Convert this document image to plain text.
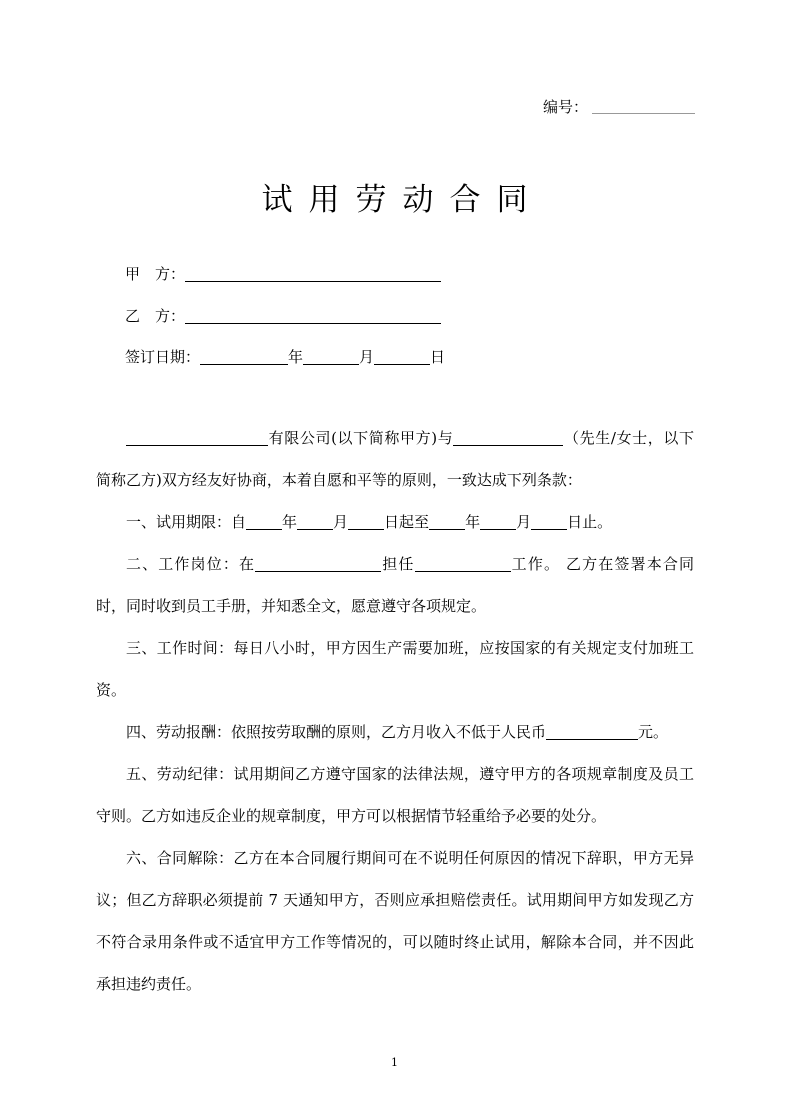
编号：
试用劳动合同
甲　方：
乙　方：
签订日期：	年	月	日
有限公司(以下简称甲方)与	（先生/女士，以下简称乙方)双方经友好协商，本着自愿和平等的原则，一致达成下列条款：
一、试用期限：自 年 月 日起至 年 月 日止。
二、工作岗位：在	担任	工作。 乙方在签署本合同时，同时收到员工手册，并知悉全文，愿意遵守各项规定。
三、工作时间：每日八小时，甲方因生产需要加班，应按国家的有关规定支付加班工资。
四、劳动报酬：依照按劳取酬的原则，乙方月收入不低于人民币	元。
五、劳动纪律：试用期间乙方遵守国家的法律法规，遵守甲方的各项规章制度及员工守则。乙方如违反企业的规章制度，甲方可以根据情节轻重给予必要的处分。
六、合同解除：乙方在本合同履行期间可在不说明任何原因的情况下辞职，甲方无异议；但乙方辞职必须提前 7 天通知甲方，否则应承担赔偿责任。试用期间甲方如发现乙方不符合录用条件或不适宜甲方工作等情况的，可以随时终止试用，解除本合同，并不因此承担违约责任。
1
